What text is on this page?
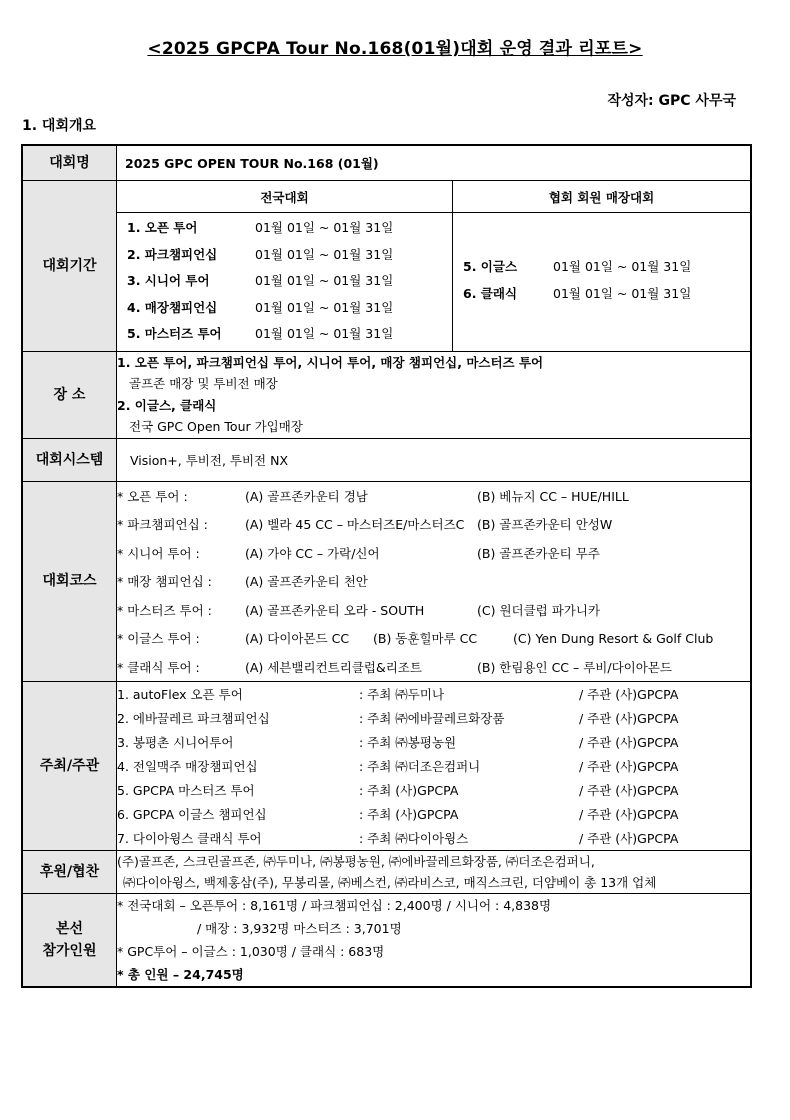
<2025 GPCPA Tour No.168(01월)대회 운영 결과 리포트>
작성자: GPC 사무국
1. 대회개요
대회명	2025 GPC OPEN TOUR No.168 (01월)
대회기간	
전국대회	협회 회원 매장대회

1. 오픈 투어	01월 01일 ~ 01월 31일
2. 파크챔피언십	01월 01일 ~ 01월 31일
3. 시니어 투어	01월 01일 ~ 01월 31일
4. 매장챔피언십	01월 01일 ~ 01월 31일
5. 마스터즈 투어	01월 01일 ~ 01월 31일

5. 이글스	01월 01일 ~ 01월 31일
6. 클래식	01월 01일 ~ 01월 31일

장 소	
1. 오픈 투어, 파크챔피언십 투어, 시니어 투어, 매장 챔피언십, 마스터즈 투어
골프존 매장 및 투비전 매장
2. 이글스, 클래식
전국 GPC Open Tour 가입매장

대회시스템	Vision+, 투비전, 투비전 NX
대회코스	
* 오픈 투어 :	(A) 골프존카운티 경남	(B) 베뉴지 CC – HUE/HILL
* 파크챔피언십 :	(A) 벨라 45 CC – 마스터즈E/마스터즈C	(B) 골프존카운티 안성W
* 시니어 투어 :	(A) 가야 CC – 가락/신어	(B) 골프존카운티 무주
* 매장 챔피언십 :	(A) 골프존카운티 천안
* 마스터즈 투어 :	(A) 골프존카운티 오라 - SOUTH	(C) 원더클럽 파가니카
* 이글스 투어 :	(A) 다이아몬드 CC	(B) 동훈힐마루 CC	(C) Yen Dung Resort & Golf Club
* 클래식 투어 :	(A) 세븐밸리컨트리클럽&리조트	(B) 한림용인 CC – 루비/다이아몬드

주최/주관	
1. autoFlex 오픈 투어	: 주최 ㈜두미나	/ 주관 (사)GPCPA
2. 에바끌레르 파크챔피언십	: 주최 ㈜에바끌레르화장품	/ 주관 (사)GPCPA
3. 봉평촌 시니어투어	: 주최 ㈜봉평농원	/ 주관 (사)GPCPA
4. 전일맥주 매장챔피언십	: 주최 ㈜더조은컴퍼니	/ 주관 (사)GPCPA
5. GPCPA 마스터즈 투어	: 주최 (사)GPCPA	/ 주관 (사)GPCPA
6. GPCPA 이글스 챔피언십	: 주최 (사)GPCPA	/ 주관 (사)GPCPA
7. 다이아윙스 클래식 투어	: 주최 ㈜다이아윙스	/ 주관 (사)GPCPA

후원/협찬	
(주)골프존, 스크린골프존, ㈜두미나, ㈜봉평농원, ㈜에바끌레르화장품, ㈜더조은컴퍼니,
㈜다이아윙스, 백제홍삼(주), 무봉리몰, ㈜베스컨, ㈜라비스코, 매직스크린, 더얌베이 총 13개 업체

본선
참가인원

* 전국대회 – 오픈투어 : 8,161명 / 파크챔피언십 : 2,400명 / 시니어 : 4,838명
/ 매장 : 3,932명 마스터즈 : 3,701명
* GPC투어 – 이글스 : 1,030명 / 클래식 : 683명
* 총 인원 – 24,745명
